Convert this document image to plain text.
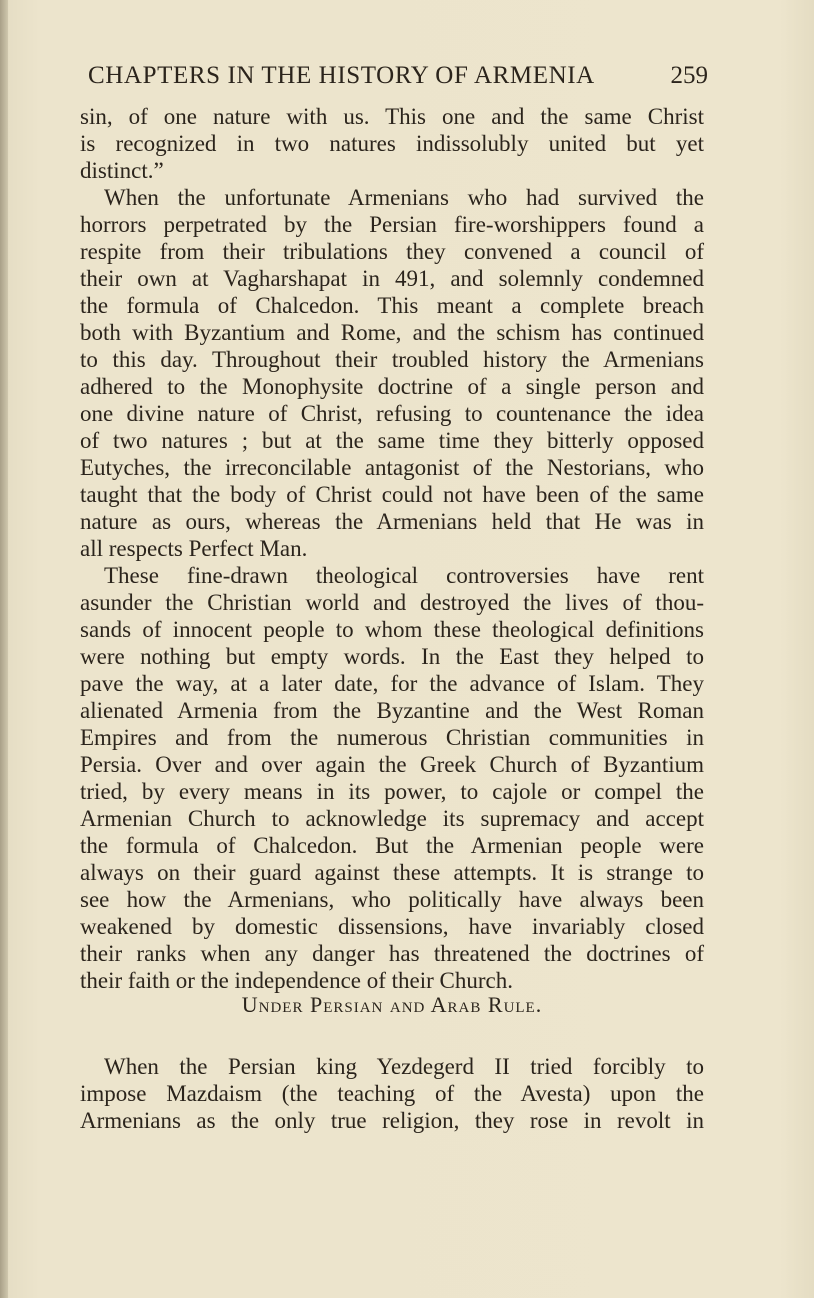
CHAPTERS IN THE HISTORY OF ARMENIA	259
sin, of one nature with us. This one and the same Christ
is recognized in two natures indissolubly united but yet
distinct.”
When the unfortunate Armenians who had survived the
horrors perpetrated by the Persian fire-worshippers found a
respite from their tribulations they convened a council of
their own at Vagharshapat in 491, and solemnly condemned
the formula of Chalcedon. This meant a complete breach
both with Byzantium and Rome, and the schism has continued
to this day. Throughout their troubled history the Armenians
adhered to the Monophysite doctrine of a single person and
one divine nature of Christ, refusing to countenance the idea
of two natures ; but at the same time they bitterly opposed
Eutyches, the irreconcilable antagonist of the Nestorians, who
taught that the body of Christ could not have been of the same
nature as ours, whereas the Armenians held that He was in
all respects Perfect Man.
These fine-drawn theological controversies have rent
asunder the Christian world and destroyed the lives of thou-
sands of innocent people to whom these theological definitions
were nothing but empty words. In the East they helped to
pave the way, at a later date, for the advance of Islam. They
alienated Armenia from the Byzantine and the West Roman
Empires and from the numerous Christian communities in
Persia. Over and over again the Greek Church of Byzantium
tried, by every means in its power, to cajole or compel the
Armenian Church to acknowledge its supremacy and accept
the formula of Chalcedon. But the Armenian people were
always on their guard against these attempts. It is strange to
see how the Armenians, who politically have always been
weakened by domestic dissensions, have invariably closed
their ranks when any danger has threatened the doctrines of
their faith or the independence of their Church.
Under Persian and Arab Rule.
When the Persian king Yezdegerd II tried forcibly to
impose Mazdaism (the teaching of the Avesta) upon the
Armenians as the only true religion, they rose in revolt in
